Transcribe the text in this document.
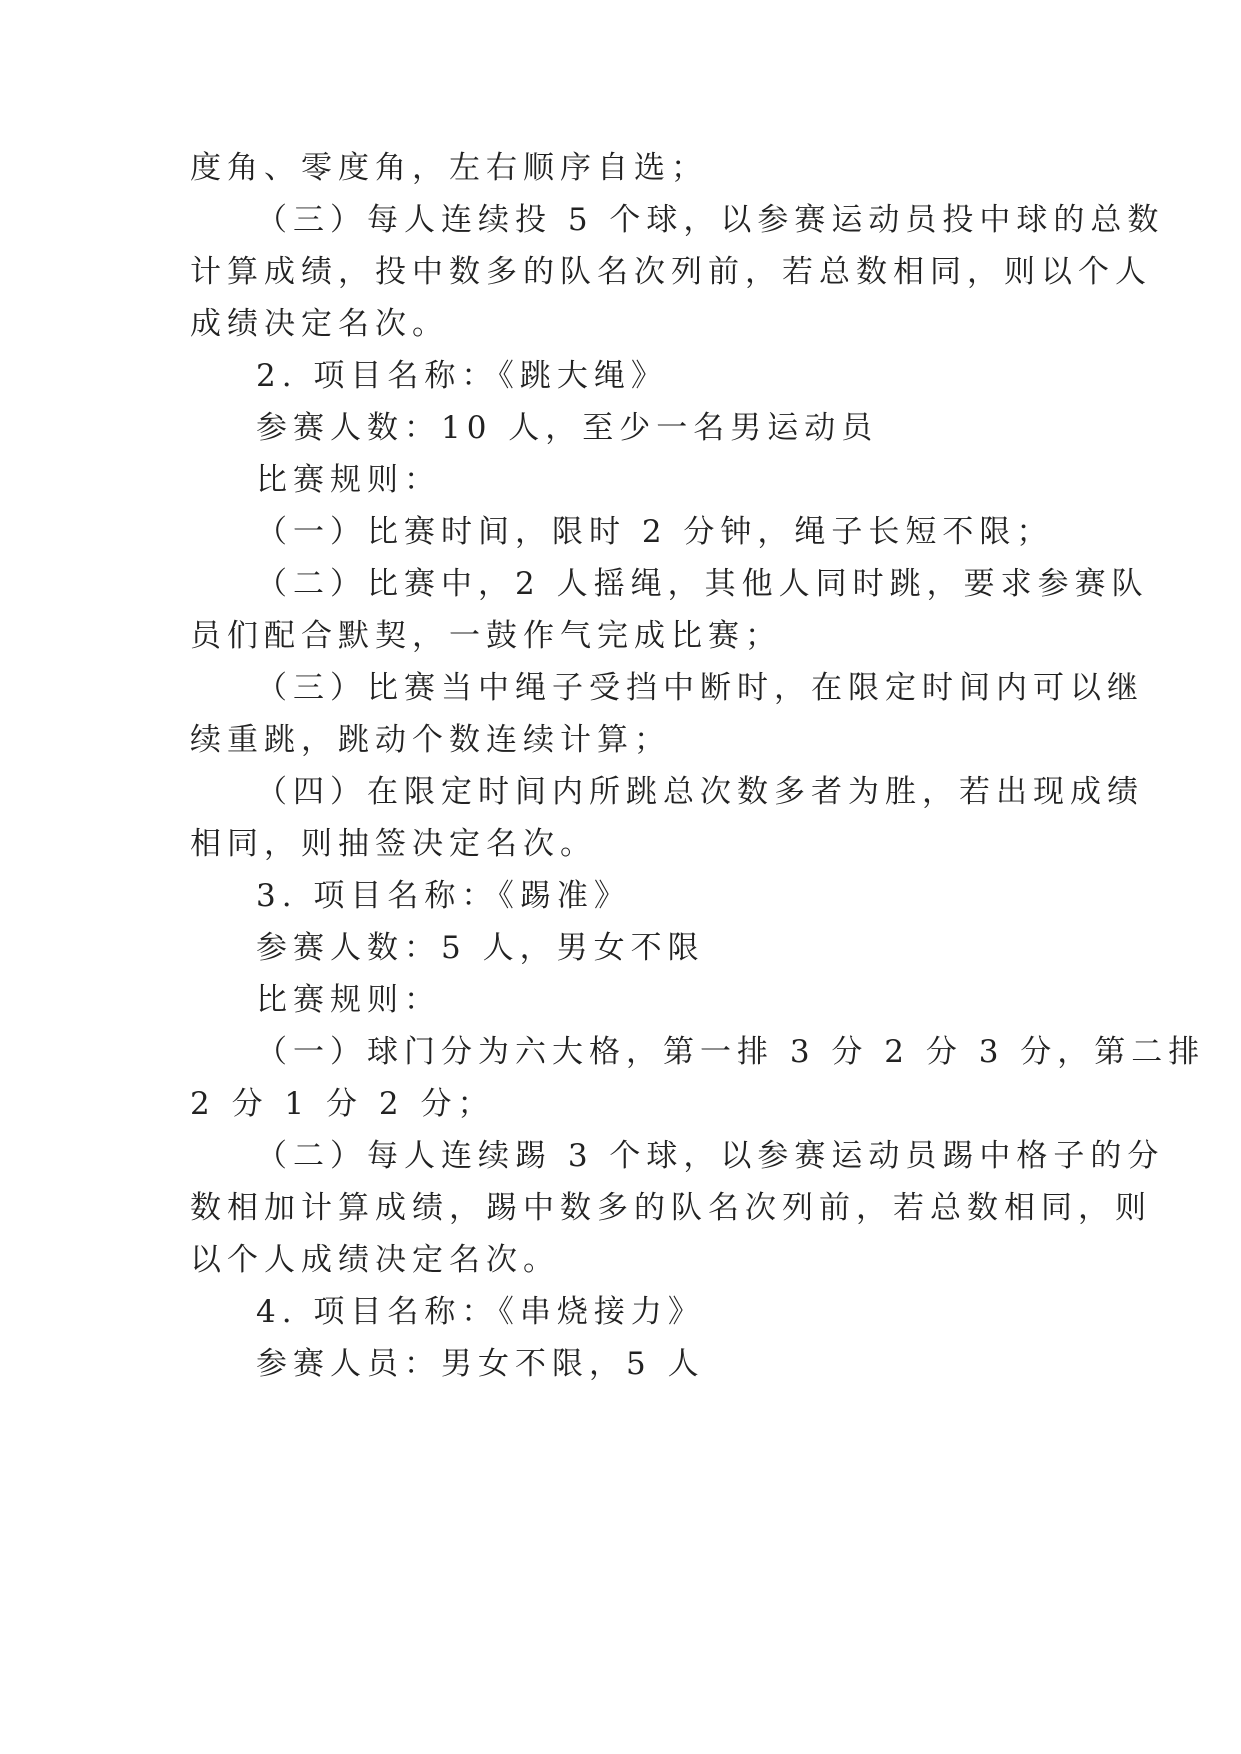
度角、零度角，左右顺序自选；
（三）每人连续投 5 个球，以参赛运动员投中球的总数
计算成绩，投中数多的队名次列前，若总数相同，则以个人
成绩决定名次。
2. 项目名称：《跳大绳》
参赛人数：10 人，至少一名男运动员
比赛规则：
（一）比赛时间，限时 2 分钟，绳子长短不限；
（二）比赛中，2 人摇绳，其他人同时跳，要求参赛队
员们配合默契，一鼓作气完成比赛；
（三）比赛当中绳子受挡中断时，在限定时间内可以继
续重跳，跳动个数连续计算；
（四）在限定时间内所跳总次数多者为胜，若出现成绩
相同，则抽签决定名次。
3. 项目名称：《踢准》
参赛人数：5 人，男女不限
比赛规则：
（一）球门分为六大格，第一排 3 分 2 分 3 分，第二排
2 分 1 分 2 分；
（二）每人连续踢 3 个球，以参赛运动员踢中格子的分
数相加计算成绩，踢中数多的队名次列前，若总数相同，则
以个人成绩决定名次。
4. 项目名称：《串烧接力》
参赛人员：男女不限，5 人
